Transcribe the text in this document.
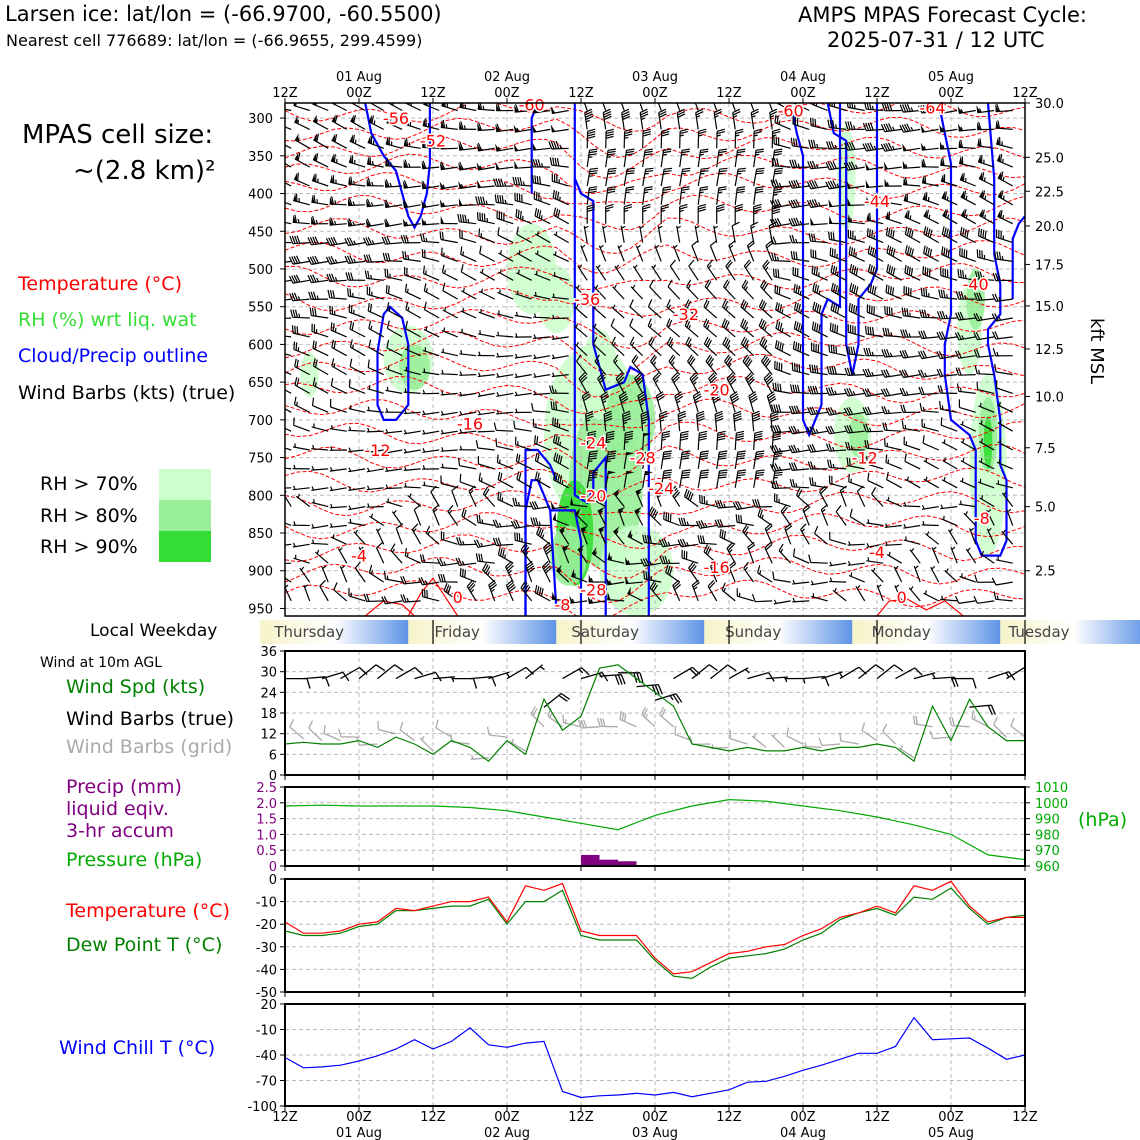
-56
-52
-60	-60	-64
-44
-40
-36
-32
-20
-16
-12	-24
-28	-12
-20	-24
-8
-4
-16
-4
-28
-8
0	0
300
350
400
450
500
550
600
650
700
750
800
850
900
950
30.0
25.0
22.5
20.0
17.5
15.0
12.5
10.0
7.5
5.0
2.5
12Z	00Z	12Z	00Z	12Z	00Z	12Z	00Z	12Z	00Z	12Z
01 Aug	02 Aug	03 Aug	04 Aug	05 Aug
Thursday	Friday	Saturday	Sunday	Monday	Tuesday
0
6
12
18
24
30
36
0
0.5
1.0
1.5
2.0
2.5
960
970
980
990
1000
1010
0
-10
-20
-30
-40
-50
20
-10
-40
-70
-100
12Z	00Z	12Z	00Z	12Z	00Z	12Z	00Z	12Z	00Z	12Z
01 Aug	02 Aug	03 Aug	04 Aug	05 Aug
Larsen ice: lat/lon = (-66.9700, -60.5500)
Nearest cell 776689: lat/lon = (-66.9655, 299.4599)
AMPS MPAS Forecast Cycle:
2025-07-31 / 12 UTC
MPAS cell size:
~(2.8 km)²
Temperature (°C)
RH (%) wrt liq. wat
Cloud/Precip outline
Wind Barbs (kts) (true)
RH > 70%
RH > 80%
RH > 90%
Local Weekday
Wind at 10m AGL
Wind Spd (kts)
Wind Barbs (true)
Wind Barbs (grid)
Precip (mm)
liquid eqiv.
3-hr accum
Pressure (hPa)
Temperature (°C)
Dew Point T (°C)
Wind Chill T (°C)
(hPa)
kft MSL
